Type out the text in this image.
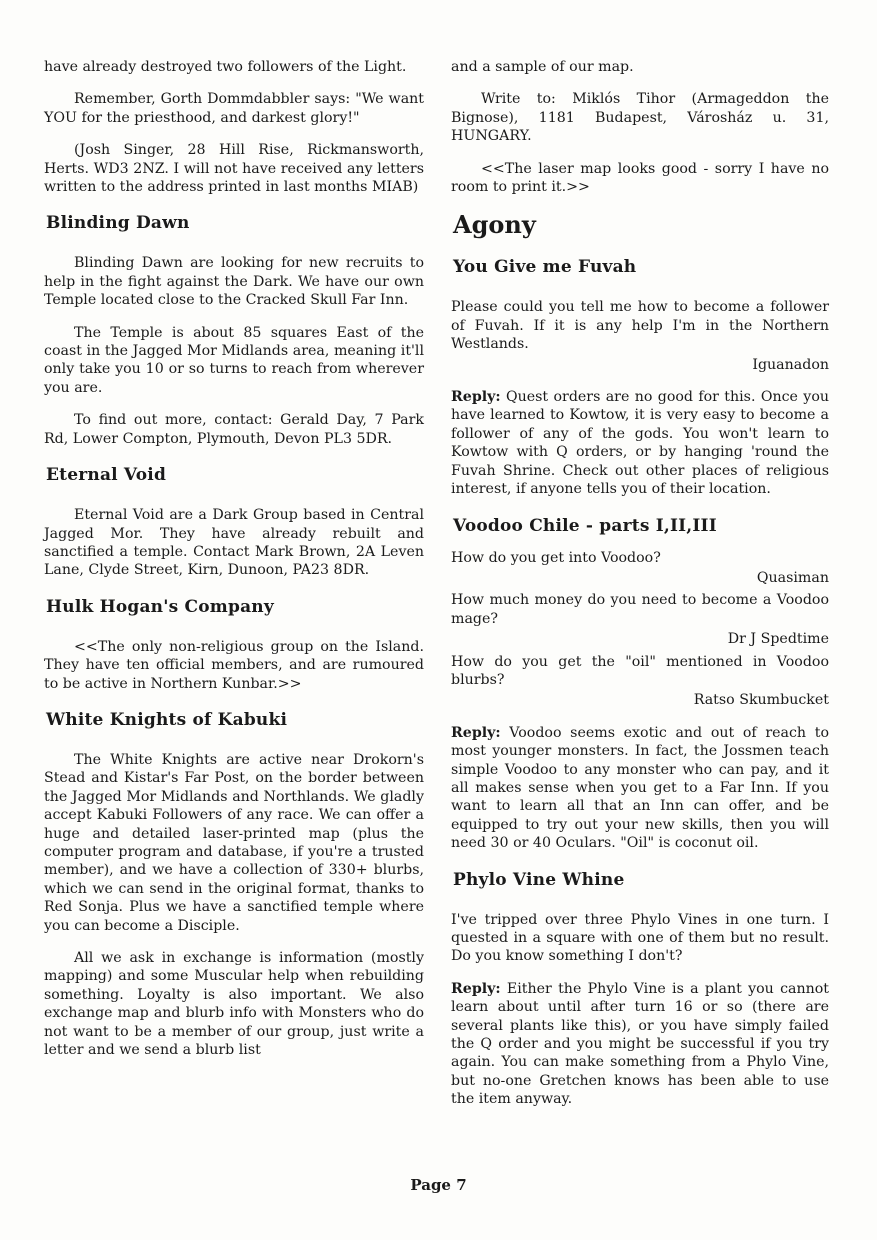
have already destroyed two followers of the Light.

Remember, Gorth Dommdabbler says: "We want YOU for the priesthood, and darkest glory!"

(Josh Singer, 28 Hill Rise, Rickmansworth, Herts. WD3 2NZ. I will not have received any letters written to the address printed in last months MIAB)

Blinding Dawn

Blinding Dawn are looking for new recruits to help in the fight against the Dark. We have our own Temple located close to the Cracked Skull Far Inn.

The Temple is about 85 squares East of the coast in the Jagged Mor Midlands area, meaning it'll only take you 10 or so turns to reach from wherever you are.

To find out more, contact: Gerald Day, 7 Park Rd, Lower Compton, Plymouth, Devon PL3 5DR.

Eternal Void

Eternal Void are a Dark Group based in Central Jagged Mor. They have already rebuilt and sanctified a temple. Contact Mark Brown, 2A Leven Lane, Clyde Street, Kirn, Dunoon, PA23 8DR.

Hulk Hogan's Company

<<The only non-religious group on the Island. They have ten official members, and are rumoured to be active in Northern Kunbar.>>

White Knights of Kabuki

The White Knights are active near Drokorn's Stead and Kistar's Far Post, on the border between the Jagged Mor Midlands and Northlands. We gladly accept Kabuki Followers of any race. We can offer a huge and detailed laser-printed map (plus the computer program and database, if you're a trusted member), and we have a collection of 330+ blurbs, which we can send in the original format, thanks to Red Sonja. Plus we have a sanctified temple where you can become a Disciple.

All we ask in exchange is information (mostly mapping) and some Muscular help when rebuilding something. Loyalty is also important. We also exchange map and blurb info with Monsters who do not want to be a member of our group, just write a letter and we send a blurb list

and a sample of our map.

Write to: Miklós Tihor (Armageddon the Bignose), 1181 Budapest, Városház u. 31, HUNGARY.

<<The laser map looks good - sorry I have no room to print it.>>

Agony
You Give me Fuvah

Please could you tell me how to become a follower of Fuvah. If it is any help I'm in the Northern Westlands.

Iguanadon

Reply: Quest orders are no good for this. Once you have learned to Kowtow, it is very easy to become a follower of any of the gods. You won't learn to Kowtow with Q orders, or by hanging 'round the Fuvah Shrine. Check out other places of religious interest, if anyone tells you of their location.

Voodoo Chile - parts I,II,III

How do you get into Voodoo?

Quasiman

How much money do you need to become a Voodoo mage?

Dr J Spedtime

How do you get the "oil" mentioned in Voodoo blurbs?

Ratso Skumbucket

Reply: Voodoo seems exotic and out of reach to most younger monsters. In fact, the Jossmen teach simple Voodoo to any monster who can pay, and it all makes sense when you get to a Far Inn. If you want to learn all that an Inn can offer, and be equipped to try out your new skills, then you will need 30 or 40 Oculars. "Oil" is coconut oil.

Phylo Vine Whine

I've tripped over three Phylo Vines in one turn. I quested in a square with one of them but no result. Do you know something I don't?

Reply: Either the Phylo Vine is a plant you cannot learn about until after turn 16 or so (there are several plants like this), or you have simply failed the Q order and you might be successful if you try again. You can make something from a Phylo Vine, but no-one Gretchen knows has been able to use the item anyway.

Page 7
